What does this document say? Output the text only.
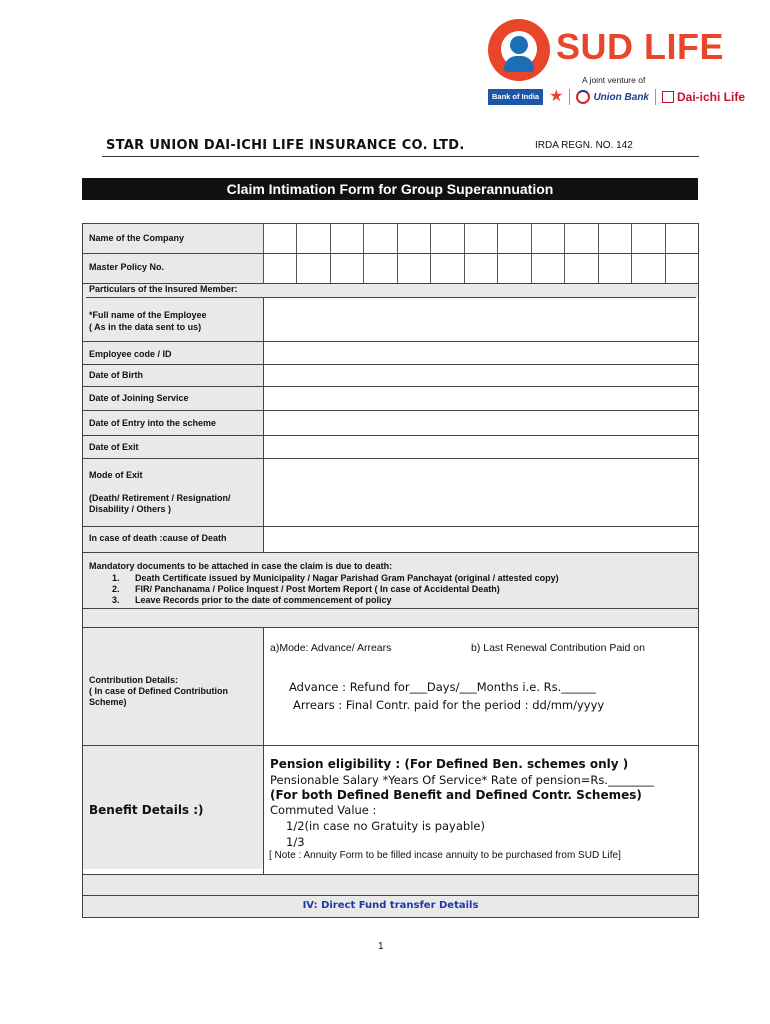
SUD LIFE
A joint venture of
Bank of India ★	Union Bank Dai-ichi Life
STAR UNION DAI-ICHI LIFE INSURANCE CO. LTD.	IRDA REGN. NO. 142
Claim Intimation Form for Group Superannuation
Name of the Company
Master Policy No.
Particulars of the Insured Member:
*Full name of the Employee
( As in the data sent to us)
Employee code / ID
Date of Birth
Date of Joining Service
Date of Entry into the scheme
Date of Exit
Mode of Exit
(Death/ Retirement / Resignation/
Disability / Others )
In case of death :cause of Death
Mandatory documents to be attached in case the claim is due to death:
1. Death Certificate issued by Municipality / Nagar Parishad Gram Panchayat (original / attested copy)
2. FIR/ Panchanama / Police Inquest / Post Mortem Report ( In case of Accidental Death)
3. Leave Records prior to the date of commencement of policy
Contribution Details:
( In case of Defined Contribution
Scheme)
a)Mode: Advance/ Arrears	b) Last Renewal Contribution Paid on
Advance : Refund for___Days/___Months i.e. Rs.______
Arrears : Final Contr. paid for the period : dd/mm/yyyy
Benefit Details :)
Pension eligibility : (For Defined Ben. schemes only )
Pensionable Salary *Years Of Service* Rate of pension=Rs.________
(For both Defined Benefit and Defined Contr. Schemes)
Commuted Value :
1/2(in case no Gratuity is payable)
1/3
[ Note : Annuity Form to be filled incase annuity to be purchased from SUD Life]
IV: Direct Fund transfer Details
1
